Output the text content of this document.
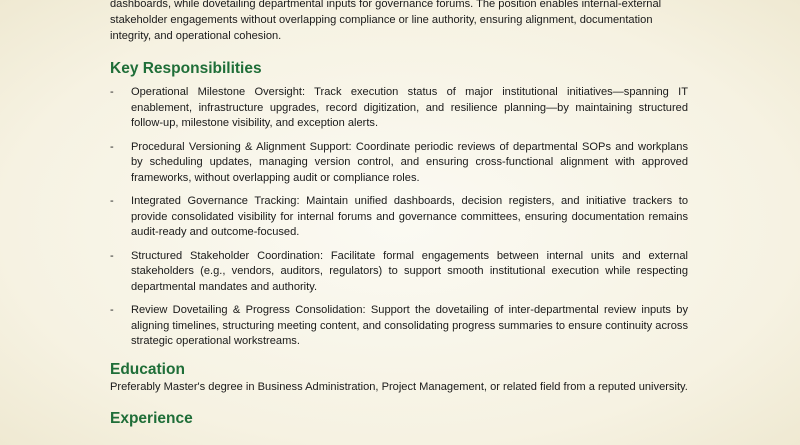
dashboards, while dovetailing departmental inputs for governance forums. The position enables internal-external stakeholder engagements without overlapping compliance or line authority, ensuring alignment, documentation integrity, and operational cohesion.

Key Responsibilities
- Operational Milestone Oversight: Track execution status of major institutional initiatives—spanning IT enablement, infrastructure upgrades, record digitization, and resilience planning—by maintaining structured follow-up, milestone visibility, and exception alerts.
- Procedural Versioning & Alignment Support: Coordinate periodic reviews of departmental SOPs and workplans by scheduling updates, managing version control, and ensuring cross-functional alignment with approved frameworks, without overlapping audit or compliance roles.
- Integrated Governance Tracking: Maintain unified dashboards, decision registers, and initiative trackers to provide consolidated visibility for internal forums and governance committees, ensuring documentation remains audit-ready and outcome-focused.
- Structured Stakeholder Coordination: Facilitate formal engagements between internal units and external stakeholders (e.g., vendors, auditors, regulators) to support smooth institutional execution while respecting departmental mandates and authority.
- Review Dovetailing & Progress Consolidation: Support the dovetailing of inter-departmental review inputs by aligning timelines, structuring meeting content, and consolidating progress summaries to ensure continuity across strategic operational workstreams.
Education

Preferably Master's degree in Business Administration, Project Management, or related field from a reputed university.

Experience
